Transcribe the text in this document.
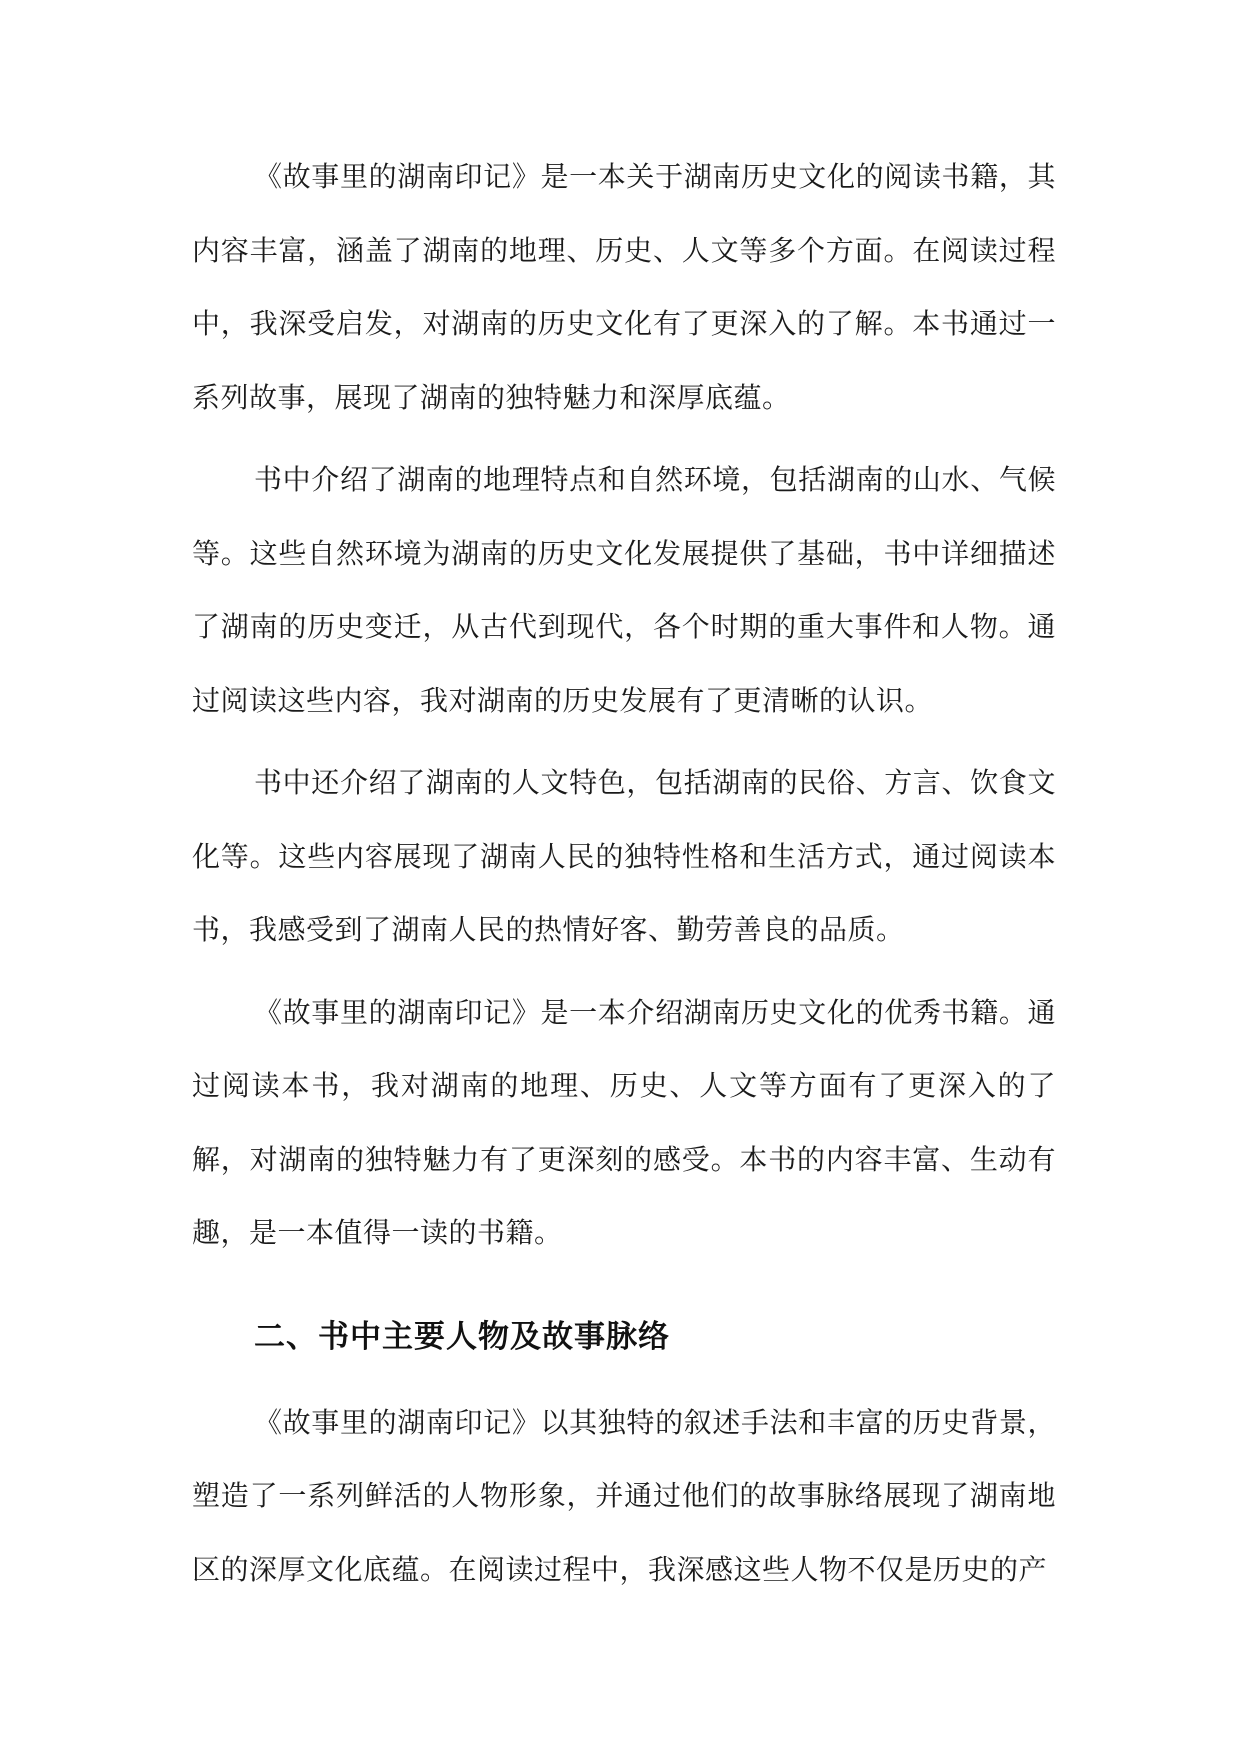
《故事里的湖南印记》是一本关于湖南历史文化的阅读书籍，其内容丰富，涵盖了湖南的地理、历史、人文等多个方面。在阅读过程中，我深受启发，对湖南的历史文化有了更深入的了解。本书通过一系列故事，展现了湖南的独特魅力和深厚底蕴。

书中介绍了湖南的地理特点和自然环境，包括湖南的山水、气候等。这些自然环境为湖南的历史文化发展提供了基础，书中详细描述了湖南的历史变迁，从古代到现代，各个时期的重大事件和人物。通过阅读这些内容，我对湖南的历史发展有了更清晰的认识。

书中还介绍了湖南的人文特色，包括湖南的民俗、方言、饮食文化等。这些内容展现了湖南人民的独特性格和生活方式，通过阅读本书，我感受到了湖南人民的热情好客、勤劳善良的品质。

《故事里的湖南印记》是一本介绍湖南历史文化的优秀书籍。通过阅读本书，我对湖南的地理、历史、人文等方面有了更深入的了解，对湖南的独特魅力有了更深刻的感受。本书的内容丰富、生动有趣，是一本值得一读的书籍。

二、书中主要人物及故事脉络

《故事里的湖南印记》以其独特的叙述手法和丰富的历史背景，塑造了一系列鲜活的人物形象，并通过他们的故事脉络展现了湖南地区的深厚文化底蕴。在阅读过程中，我深感这些人物不仅是历史的产
